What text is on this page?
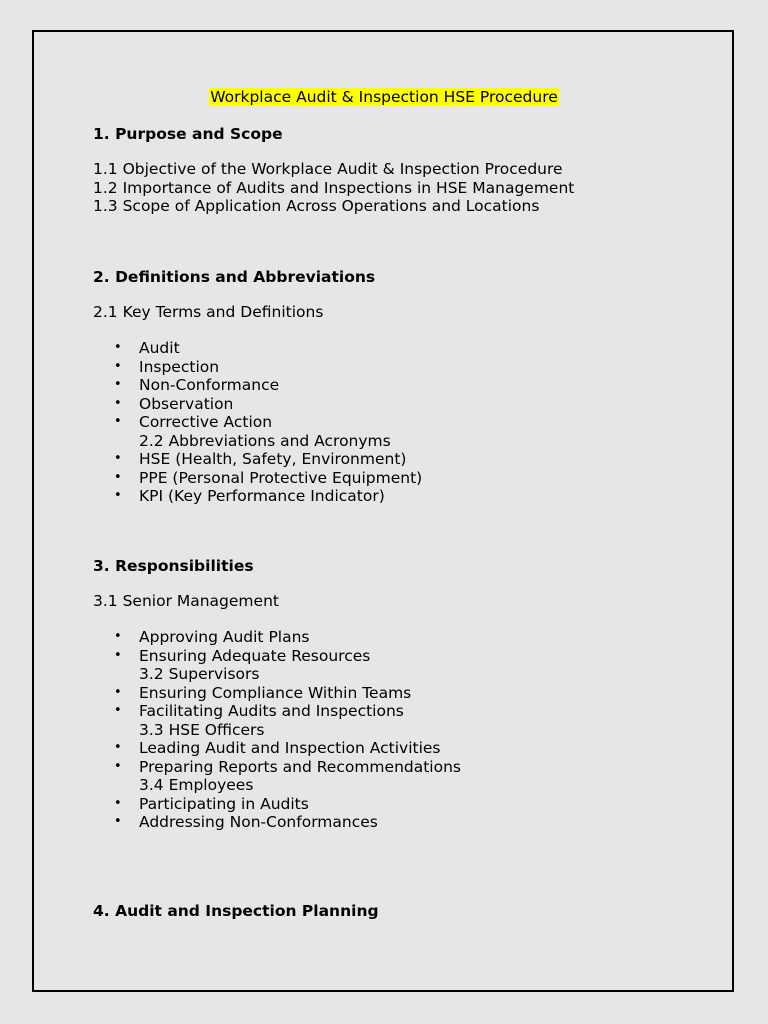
Workplace Audit & Inspection HSE Procedure
1. Purpose and Scope
1.1 Objective of the Workplace Audit & Inspection Procedure
1.2 Importance of Audits and Inspections in HSE Management
1.3 Scope of Application Across Operations and Locations
2. Definitions and Abbreviations
2.1 Key Terms and Definitions
• Audit
• Inspection
• Non-Conformance
• Observation
• Corrective Action
2.2 Abbreviations and Acronyms
• HSE (Health, Safety, Environment)
• PPE (Personal Protective Equipment)
• KPI (Key Performance Indicator)
3. Responsibilities
3.1 Senior Management
• Approving Audit Plans
• Ensuring Adequate Resources
3.2 Supervisors
• Ensuring Compliance Within Teams
• Facilitating Audits and Inspections
3.3 HSE Officers
• Leading Audit and Inspection Activities
• Preparing Reports and Recommendations
3.4 Employees
• Participating in Audits
• Addressing Non-Conformances
4. Audit and Inspection Planning
